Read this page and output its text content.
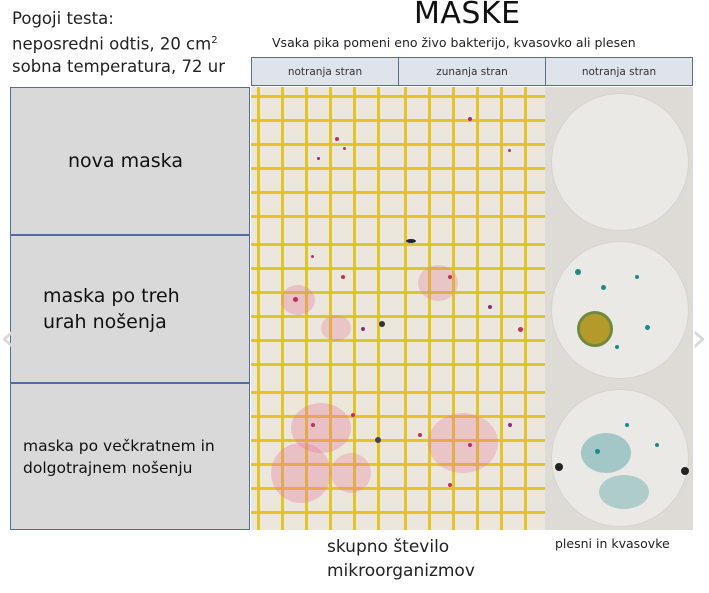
Pogoji testa:
neposredni odtis, 20 $cm^2$
sobna temperatura, 72 ur
MASKE
Vsaka pika pomeni eno živo bakterijo, kvasovko ali plesen
notranja stran	zunanja stran	notranja stran
nova maska
maska po treh urah nošenja
maska po večkratnem in dolgotrajnem nošenju
skupno število
mikroorganizmov
plesni in kvasovke
‹	›
